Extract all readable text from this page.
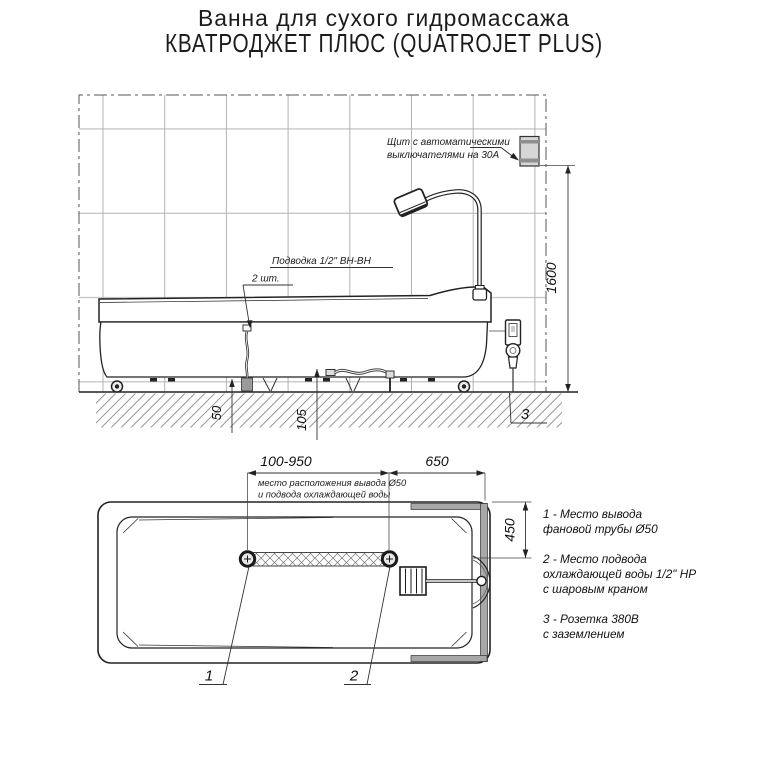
Ванна для сухого гидромассажа
КВАТРОДЖЕТ ПЛЮС (QUATROJET PLUS)
Щит с автоматическими
выключателями на 30А
3
1600
Подводка 1/2" ВН-ВН
2 шт.
50	105
100-950	650
место расположения вывода Ø50
и подвода охлаждающей воды
450
1	2
1 - Место вывода
фановой трубы Ø50
2 - Место подвода
охлаждающей воды 1/2" НР
с шаровым краном
3 - Розетка 380В
с заземлением
